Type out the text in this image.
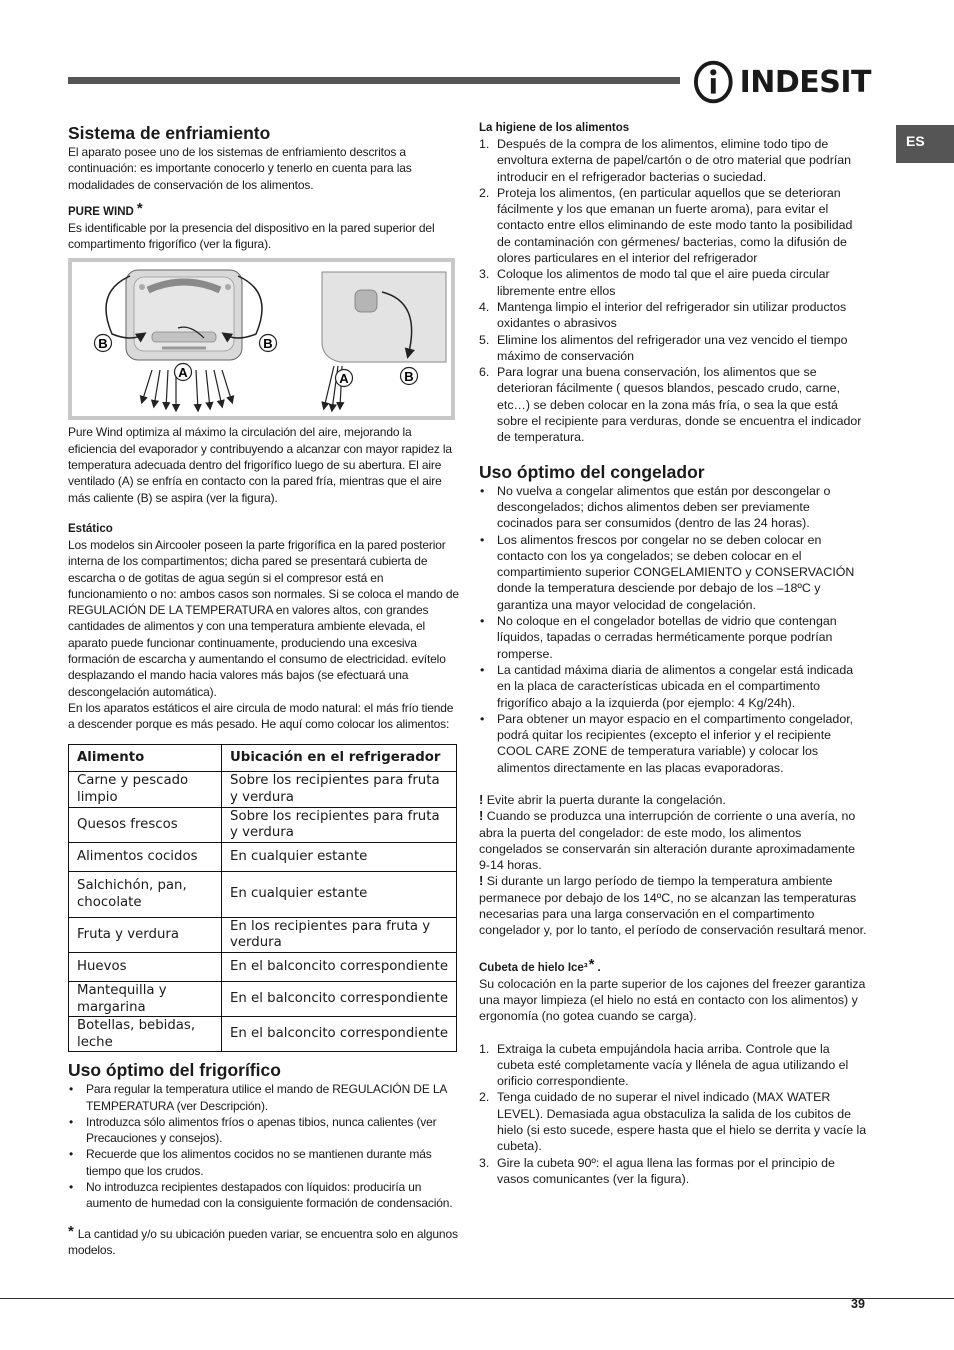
INDESIT
ES
Sistema de enfriamiento

El aparato posee uno de los sistemas de enfriamiento descritos a continuación: es importante conocerlo y tenerlo en cuenta para las modalidades de conservación de los alimentos.

PURE WIND *

Es identificable por la presencia del dispositivo en la pared superior del compartimento frigorífico (ver la figura).

B	B
A	A	B

Pure Wind optimiza al máximo la circulación del aire, mejorando la eficiencia del evaporador y contribuyendo a alcanzar con mayor rapidez la temperatura adecuada dentro del frigorífico luego de su abertura. El aire ventilado (A) se enfría en contacto con la pared fría, mientras que el aire más caliente (B) se aspira (ver la figura).

Estático

Los modelos sin Aircooler poseen la parte frigorífica en la pared posterior interna de los compartimentos; dicha pared se presentará cubierta de escarcha o de gotitas de agua según si el compresor está en funcionamiento o no: ambos casos son normales. Si se coloca el mando de REGULACIÓN DE LA TEMPERATURA en valores altos, con grandes cantidades de alimentos y con una temperatura ambiente elevada, el aparato puede funcionar continuamente, produciendo una excesiva formación de escarcha y aumentando el consumo de electricidad. evítelo desplazando el mando hacia valores más bajos (se efectuará una descongelación automática).

En los aparatos estáticos el aire circula de modo natural: el más frío tiende a descender porque es más pesado. He aquí como colocar los alimentos:

Alimento	Ubicación en el refrigerador
Carne y pescado limpio	Sobre los recipientes para fruta y verdura
Quesos frescos	Sobre los recipientes para fruta y verdura
Alimentos cocidos	En cualquier estante
Salchichón, pan, chocolate	En cualquier estante
Fruta y verdura	En los recipientes para fruta y verdura
Huevos	En el balconcito correspondiente
Mantequilla y margarina	En el balconcito correspondiente
Botellas, bebidas, leche	En el balconcito correspondiente
Uso óptimo del frigorífico
• Para regular la temperatura utilice el mando de REGULACIÓN DE LA TEMPERATURA (ver Descripción).
• Introduzca sólo alimentos fríos o apenas tibios, nunca calientes (ver Precauciones y consejos).
• Recuerde que los alimentos cocidos no se mantienen durante más tiempo que los crudos.
• No introduzca recipientes destapados con líquidos: produciría un aumento de humedad con la consiguiente formación de condensación.

* La cantidad y/o su ubicación pueden variar, se encuentra solo en algunos modelos.

La higiene de los alimentos
1. Después de la compra de los alimentos, elimine todo tipo de envoltura externa de papel/cartón o de otro material que podrían introducir en el refrigerador bacterias o suciedad.
2. Proteja los alimentos, (en particular aquellos que se deterioran fácilmente y los que emanan un fuerte aroma), para evitar el contacto entre ellos eliminando de este modo tanto la posibilidad de contaminación con gérmenes/ bacterias, como la difusión de olores particulares en el interior del refrigerador
3. Coloque los alimentos de modo tal que el aire pueda circular libremente entre ellos
4. Mantenga limpio el interior del refrigerador sin utilizar productos oxidantes o abrasivos
5. Elimine los alimentos del refrigerador una vez vencido el tiempo máximo de conservación
6. Para lograr una buena conservación, los alimentos que se deterioran fácilmente ( quesos blandos, pescado crudo, carne, etc…) se deben colocar en la zona más fría, o sea la que está sobre el recipiente para verduras, donde se encuentra el indicador de temperatura.
Uso óptimo del congelador
• No vuelva a congelar alimentos que están por descongelar o descongelados; dichos alimentos deben ser previamente cocinados para ser consumidos (dentro de las 24 horas).
• Los alimentos frescos por congelar no se deben colocar en contacto con los ya congelados; se deben colocar en el compartimiento superior CONGELAMIENTO y CONSERVACIÓN donde la temperatura desciende por debajo de los –18ºC y garantiza una mayor velocidad de congelación.
• No coloque en el congelador botellas de vidrio que contengan líquidos, tapadas o cerradas herméticamente porque podrían romperse.
• La cantidad máxima diaria de alimentos a congelar está indicada en la placa de características ubicada en el compartimento frigorífico abajo a la izquierda (por ejemplo: 4 Kg/24h).
• Para obtener un mayor espacio en el compartimento congelador, podrá quitar los recipientes (excepto el inferior y el recipiente COOL CARE ZONE de temperatura variable) y colocar los alimentos directamente en las placas evaporadoras.

! Evite abrir la puerta durante la congelación.

! Cuando se produzca una interrupción de corriente o una avería, no abra la puerta del congelador: de este modo, los alimentos congelados se conservarán sin alteración durante aproximadamente 9-14 horas.

! Si durante un largo período de tiempo la temperatura ambiente permanece por debajo de los 14ºC, no se alcanzan las temperaturas necesarias para una larga conservación en el compartimento congelador y, por lo tanto, el período de conservación resultará menor.

Cubeta de hielo Ice³* .

Su colocación en la parte superior de los cajones del freezer garantiza una mayor limpieza (el hielo no está en contacto con los alimentos) y ergonomía (no gotea cuando se carga).

1. Extraiga la cubeta empujándola hacia arriba. Controle que la cubeta esté completamente vacía y llénela de agua utilizando el orificio correspondiente.
2. Tenga cuidado de no superar el nivel indicado (MAX WATER LEVEL). Demasiada agua obstaculiza la salida de los cubitos de hielo (si esto sucede, espere hasta que el hielo se derrita y vacíe la cubeta).
3. Gire la cubeta 90º: el agua llena las formas por el principio de vasos comunicantes (ver la figura).
39
